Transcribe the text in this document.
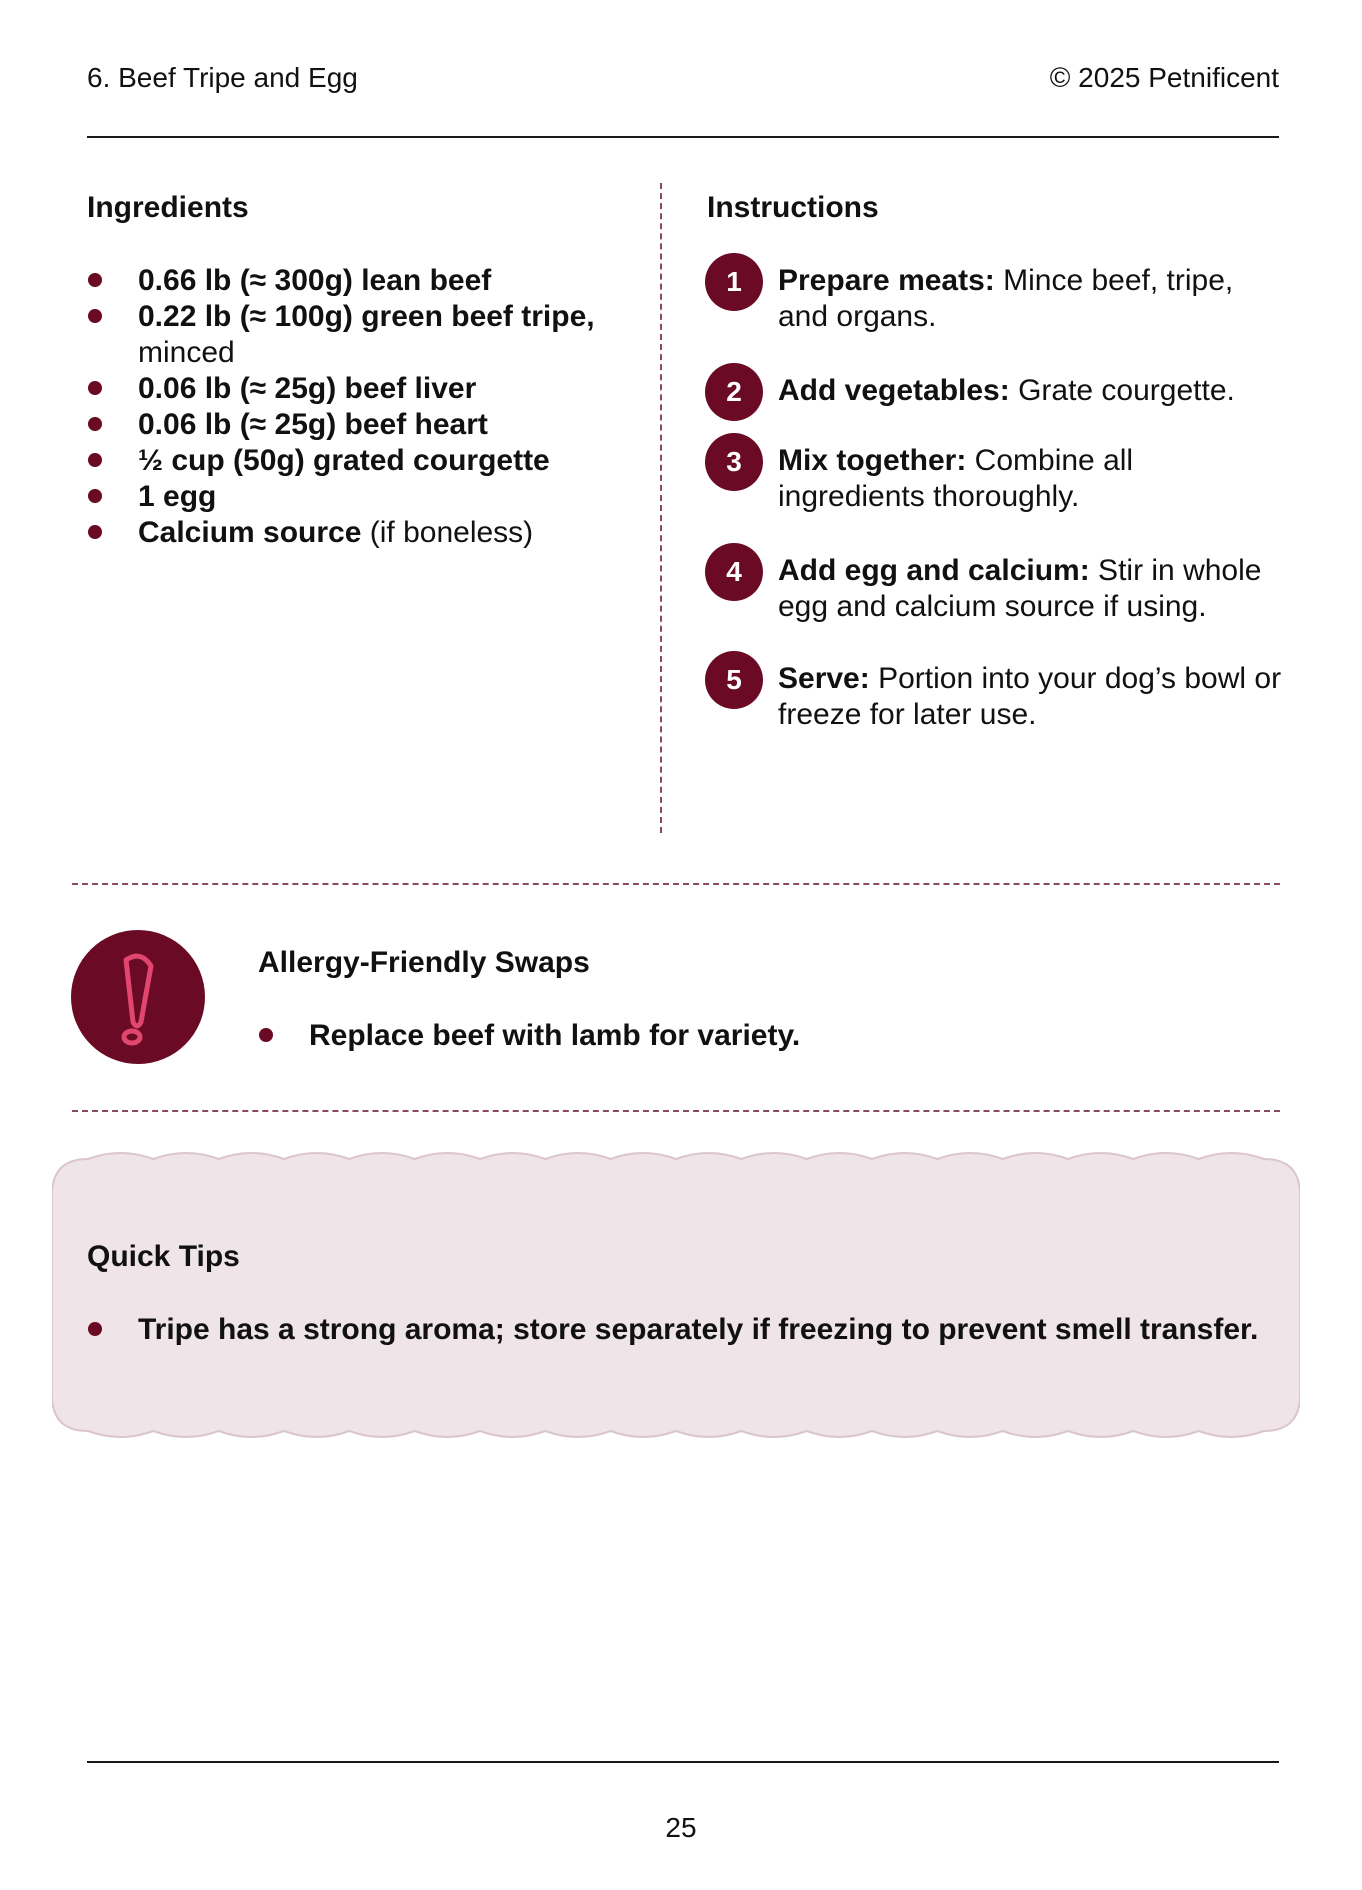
6. Beef Tripe and Egg	© 2025 Petnificent
Ingredients
0.66 lb (≈ 300g) lean beef
0.22 lb (≈ 100g) green beef tripe, minced
0.06 lb (≈ 25g) beef liver
0.06 lb (≈ 25g) beef heart
½ cup (50g) grated courgette
1 egg
Calcium source (if boneless)
Instructions
1	Prepare meats: Mince beef, tripe, and organs.
2	Add vegetables: Grate courgette.
3	Mix together: Combine all ingredients thoroughly.
4	Add egg and calcium: Stir in whole egg and calcium source if using.
5	Serve: Portion into your dog’s bowl or freeze for later use.
Allergy-Friendly Swaps
Replace beef with lamb for variety.
Quick Tips
Tripe has a strong aroma; store separately if freezing to prevent smell transfer.
25
